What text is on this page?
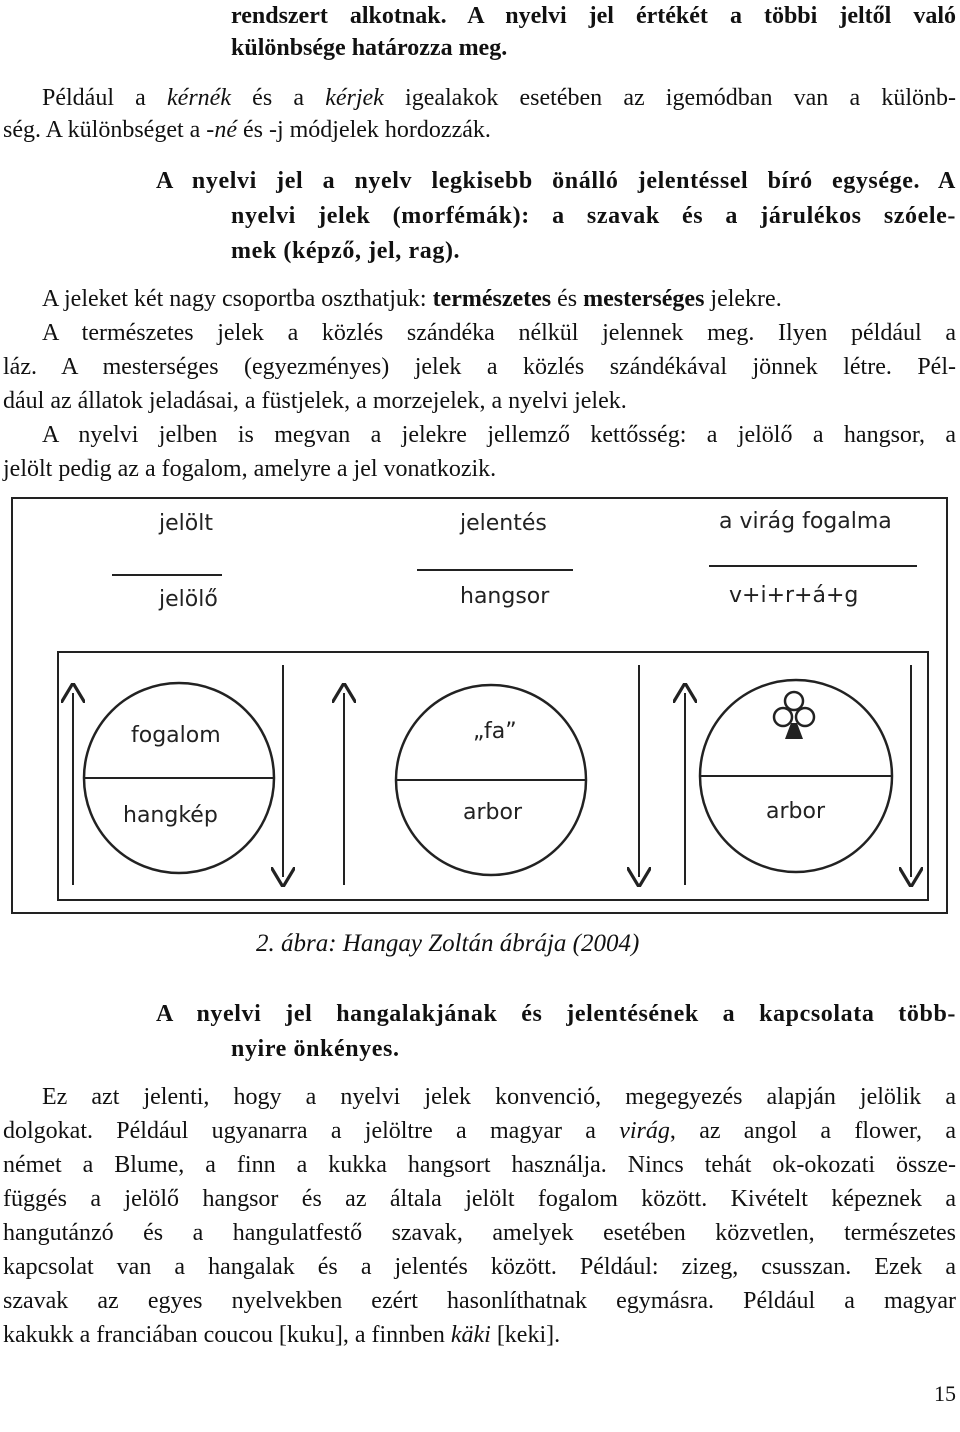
rendszert alkotnak. A nyelvi jel értékét a többi jeltől való
különbsége határozza meg.
Például a kérnék és a kérjek igealakok esetében az igemódban van a különb-
ség. A különbséget a -né és -j módjelek hordozzák.
A nyelvi jel a nyelv legkisebb önálló jelentéssel bíró egysége. A
nyelvi jelek (morfémák): a szavak és a járulékos szóele-
mek (képző, jel, rag).
A jeleket két nagy csoportba oszthatjuk: természetes és mesterséges jelekre.
A természetes jelek a közlés szándéka nélkül jelennek meg. Ilyen például a
láz. A mesterséges (egyezményes) jelek a közlés szándékával jönnek létre. Pél-
dául az állatok jeladásai, a füstjelek, a morzejelek, a nyelvi jelek.
A nyelvi jelben is megvan a jelekre jellemző kettősség: a jelölő a hangsor, a
jelölt pedig az a fogalom, amelyre a jel vonatkozik.
jelölt
jelölő
jelentés
hangsor
a virág fogalma
v+i+r+á+g
fogalom
hangkép
„fa”
arbor	arbor
2. ábra: Hangay Zoltán ábrája (2004)
A nyelvi jel hangalakjának és jelentésének a kapcsolata több-
nyire önkényes.
Ez azt jelenti, hogy a nyelvi jelek konvenció, megegyezés alapján jelölik a
dolgokat. Például ugyanarra a jelöltre a magyar a virág, az angol a flower, a
német a Blume, a finn a kukka hangsort használja. Nincs tehát ok-okozati össze-
függés a jelölő hangsor és az általa jelölt fogalom között. Kivételt képeznek a
hangutánzó és a hangulatfestő szavak, amelyek esetében közvetlen, természetes
kapcsolat van a hangalak és a jelentés között. Például: zizeg, csusszan. Ezek a
szavak az egyes nyelvekben ezért hasonlíthatnak egymásra. Például a magyar
kakukk a franciában coucou [kuku], a finnben käki [keki].
15
